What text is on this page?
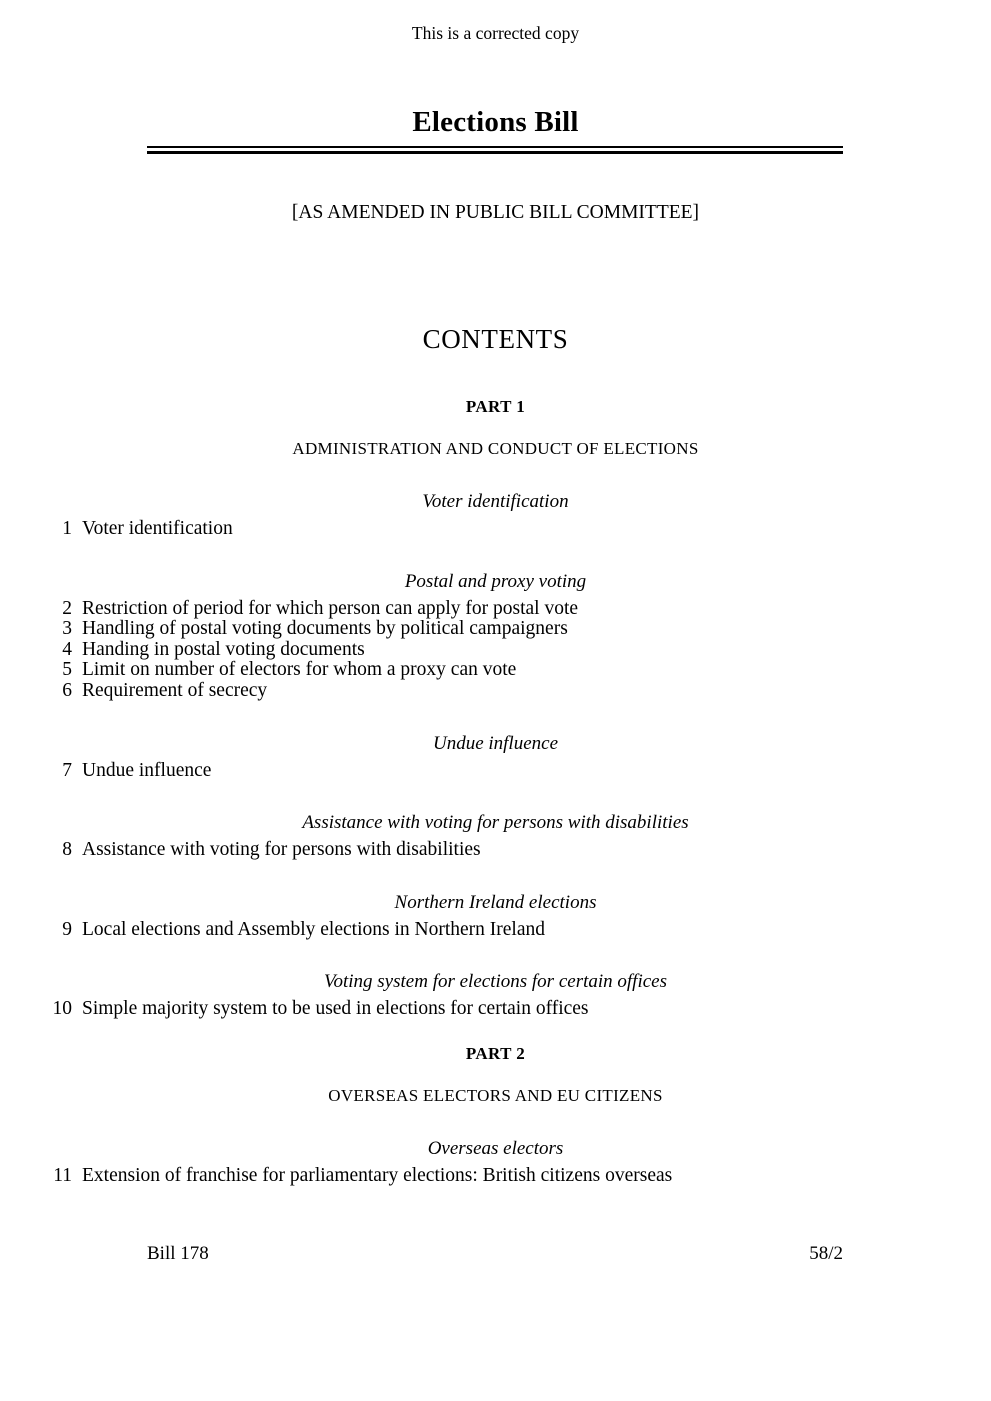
This is a corrected copy
Elections Bill
[AS AMENDED IN PUBLIC BILL COMMITTEE]
CONTENTS
PART 1
ADMINISTRATION AND CONDUCT OF ELECTIONS
Voter identification
1 Voter identification
Postal and proxy voting
2 Restriction of period for which person can apply for postal vote
3 Handling of postal voting documents by political campaigners
4 Handing in postal voting documents
5 Limit on number of electors for whom a proxy can vote
6 Requirement of secrecy
Undue influence
7 Undue influence
Assistance with voting for persons with disabilities
8 Assistance with voting for persons with disabilities
Northern Ireland elections
9 Local elections and Assembly elections in Northern Ireland
Voting system for elections for certain offices
10 Simple majority system to be used in elections for certain offices
PART 2
OVERSEAS ELECTORS AND EU CITIZENS
Overseas electors
11 Extension of franchise for parliamentary elections: British citizens overseas
Bill 178	58/2
